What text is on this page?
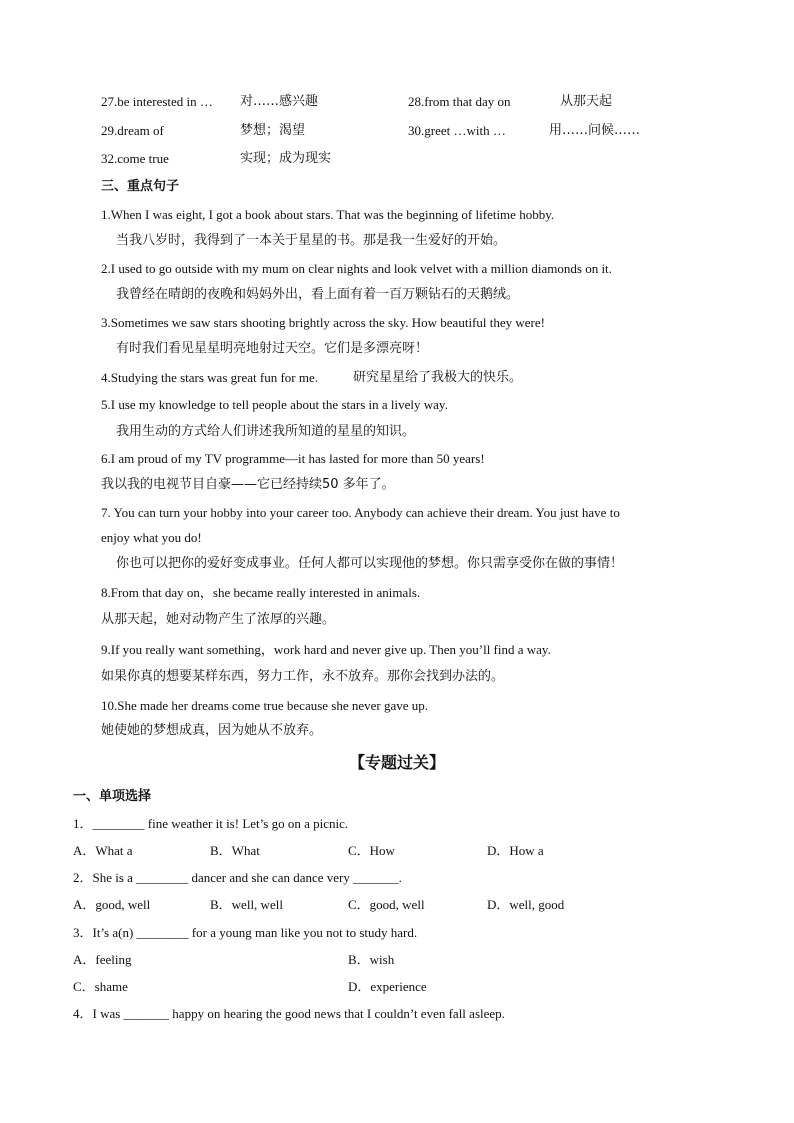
27.be interested in … 对……感兴趣	28.from that day on	从那天起
29.dream of	梦想；渴望	30.greet …with …	用……问候……
32.come true	实现；成为现实
三、重点句子
1.When I was eight, I got a book about stars. That was the beginning of lifetime hobby.
当我八岁时，我得到了一本关于星星的书。那是我一生爱好的开始。
2.I used to go outside with my mum on clear nights and look velvet with a million diamonds on it.
我曾经在晴朗的夜晚和妈妈外出，看上面有着一百万颗钻石的天鹅绒。
3.Sometimes we saw stars shooting brightly across the sky. How beautiful they were!
有时我们看见星星明亮地射过天空。它们是多漂亮呀！
4.Studying the stars was great fun for me.	研究星星给了我极大的快乐。
5.I use my knowledge to tell people about the stars in a lively way.
我用生动的方式给人们讲述我所知道的星星的知识。
6.I am proud of my TV programme—it has lasted for more than 50 years!
我以我的电视节目自豪——它已经持续50 多年了。
7. You can turn your hobby into your career too. Anybody can achieve their dream. You just have to
enjoy what you do!
你也可以把你的爱好变成事业。任何人都可以实现他的梦想。你只需享受你在做的事情！
8.From that day on，she became really interested in animals.
从那天起，她对动物产生了浓厚的兴趣。
9.If you really want something，work hard and never give up. Then you’ll find a way.
如果你真的想要某样东西，努力工作，永不放弃。那你会找到办法的。
10.She made her dreams come true because she never gave up.
她使她的梦想成真，因为她从不放弃。
【专题过关】
一、单项选择
1．________ fine weather it is! Let’s go on a picnic.
A．What a	B．What	C．How	D．How a
2．She is a ________ dancer and she can dance very _______.
A．good, well	B．well, well	C．good, well	D．well, good
3．It’s a(n) ________ for a young man like you not to study hard.
A．feeling	B．wish
C．shame	D．experience
4．I was _______ happy on hearing the good news that I couldn’t even fall asleep.
